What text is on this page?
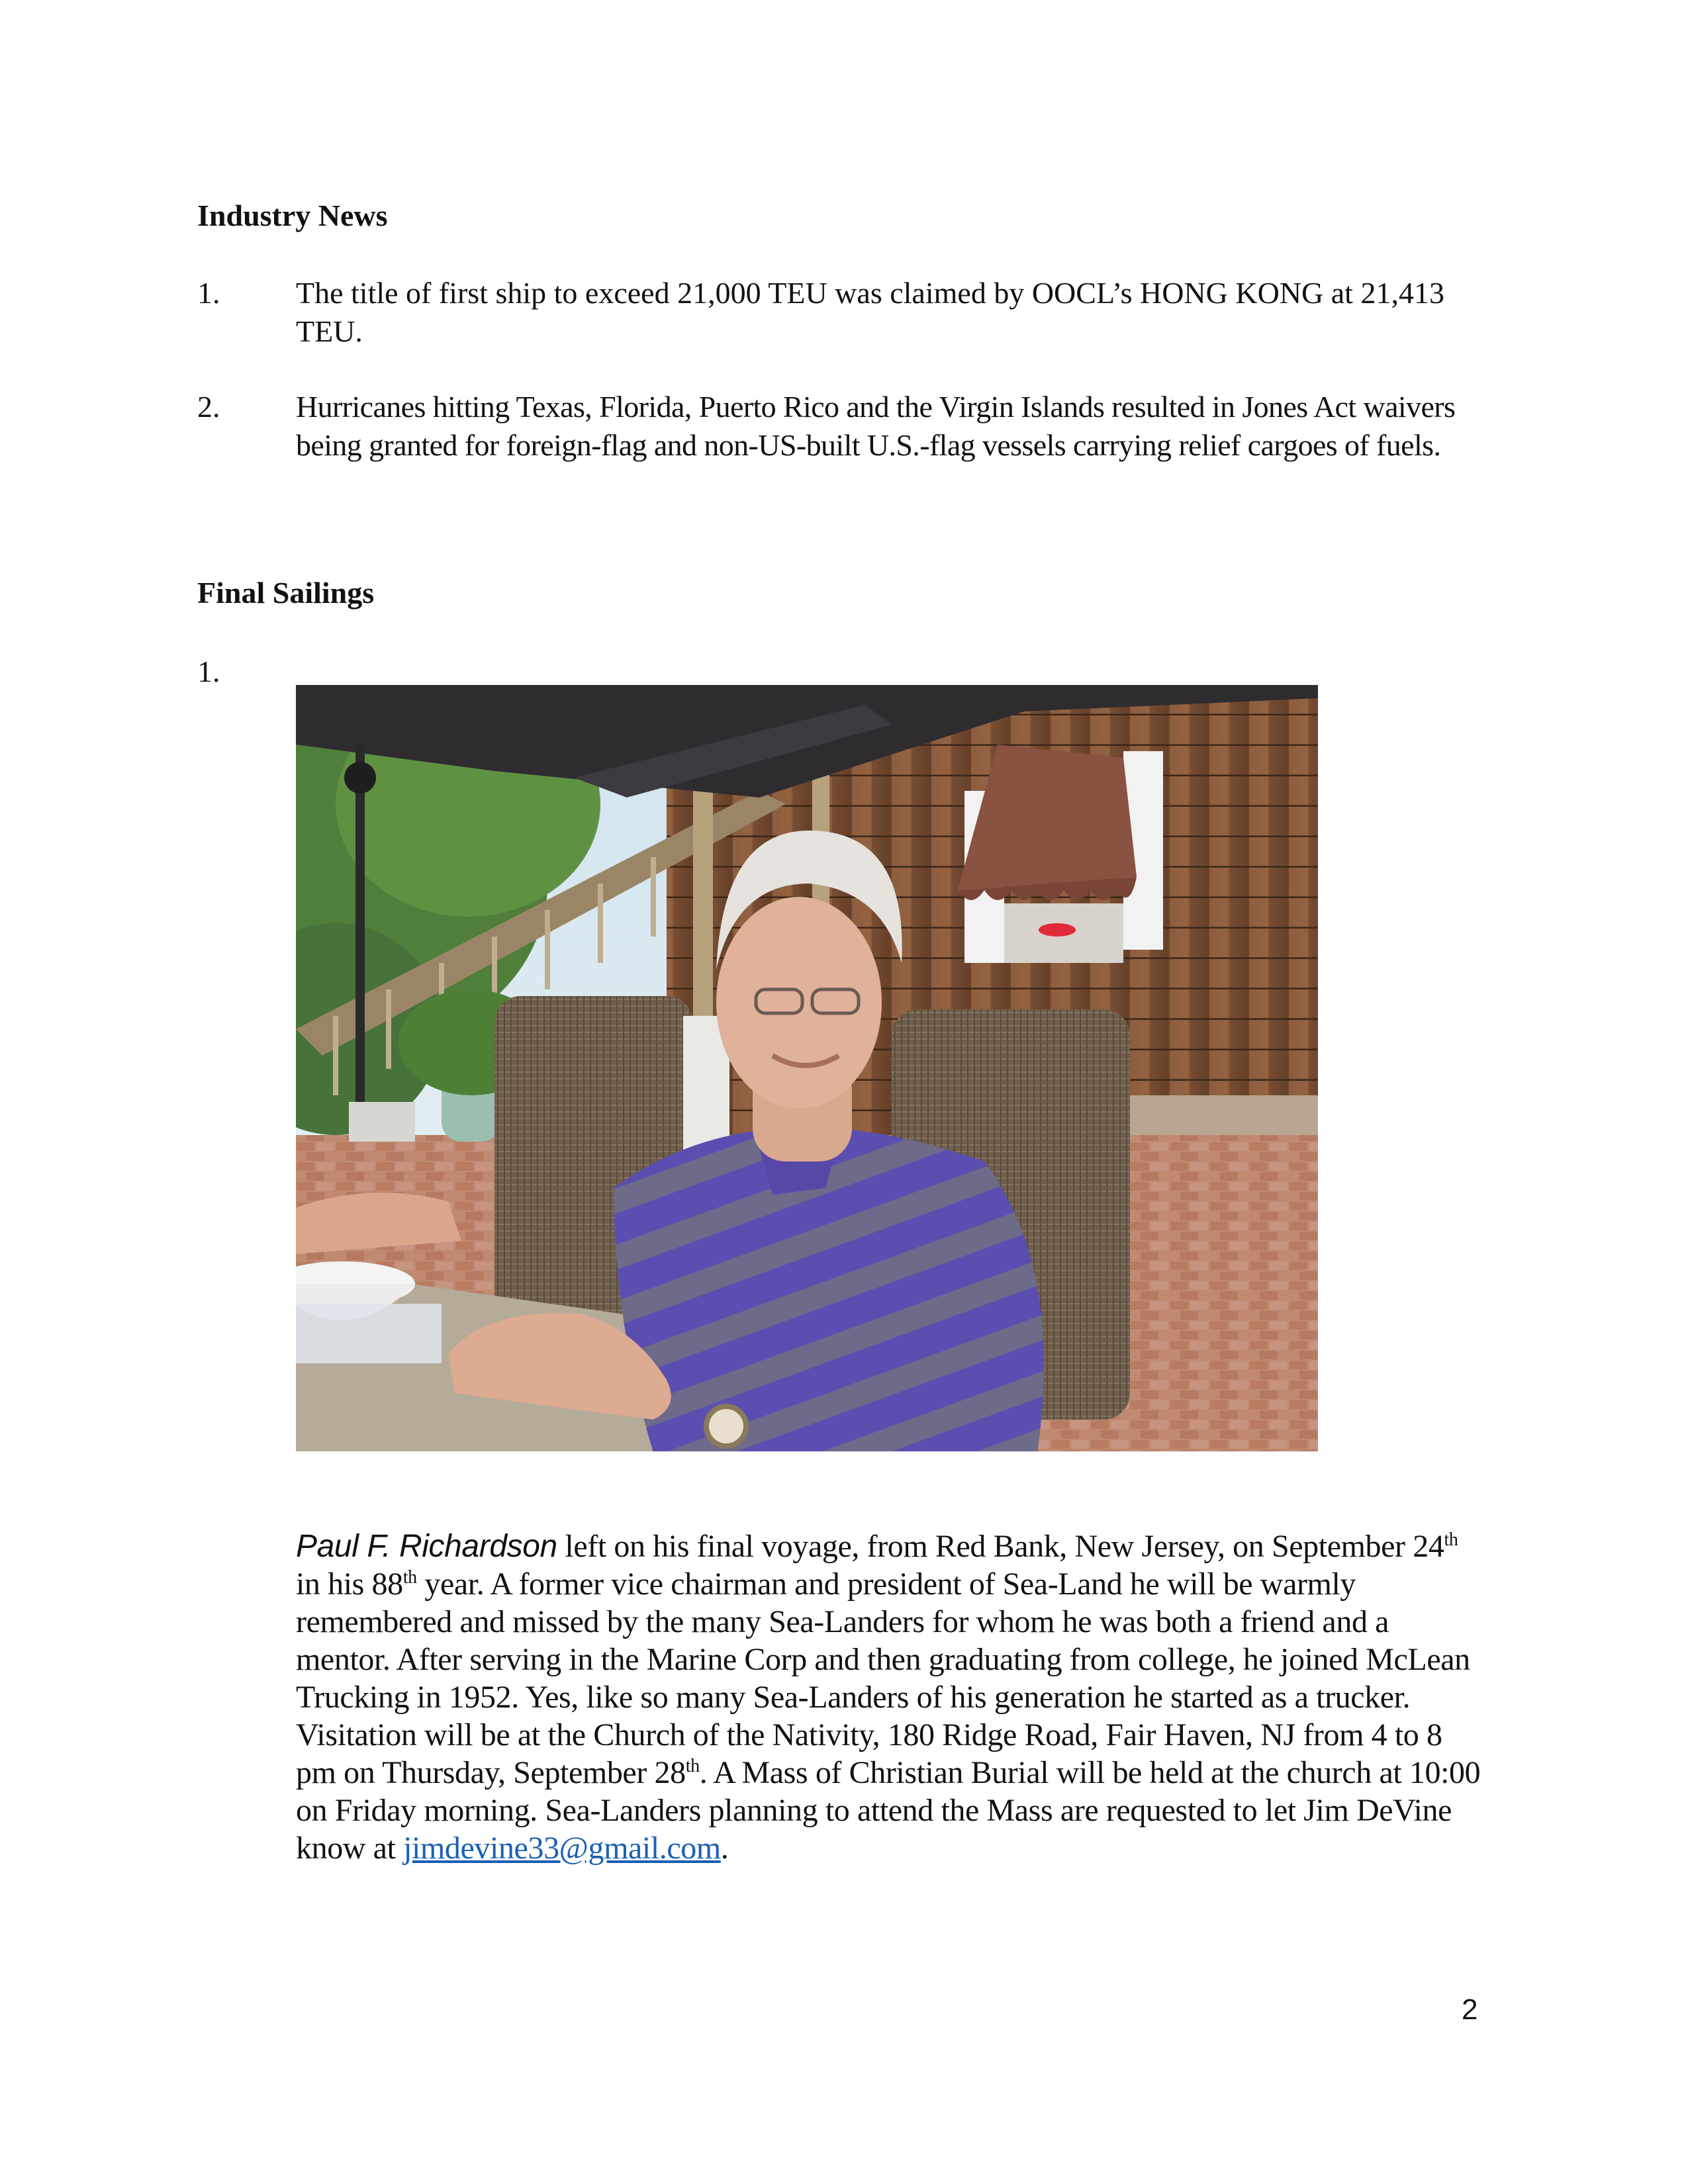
Industry News
1. The title of first ship to exceed 21,000 TEU was claimed by OOCL’s HONG KONG at 21,413 TEU.
2. Hurricanes hitting Texas, Florida, Puerto Rico and the Virgin Islands resulted in Jones Act waivers being granted for foreign-flag and non-US-built U.S.-flag vessels carrying relief cargoes of fuels.
Final Sailings
1.
Paul F. Richardson left on his final voyage, from Red Bank, New Jersey, on September 24th in his 88th year. A former vice chairman and president of Sea-Land he will be warmly remembered and missed by the many Sea-Landers for whom he was both a friend and a mentor. After serving in the Marine Corp and then graduating from college, he joined McLean Trucking in 1952. Yes, like so many Sea-Landers of his generation he started as a trucker. Visitation will be at the Church of the Nativity, 180 Ridge Road, Fair Haven, NJ from 4 to 8 pm on Thursday, September 28th. A Mass of Christian Burial will be held at the church at 10:00 on Friday morning. Sea-Landers planning to attend the Mass are requested to let Jim DeVine know at jimdevine33@gmail.com.
2
